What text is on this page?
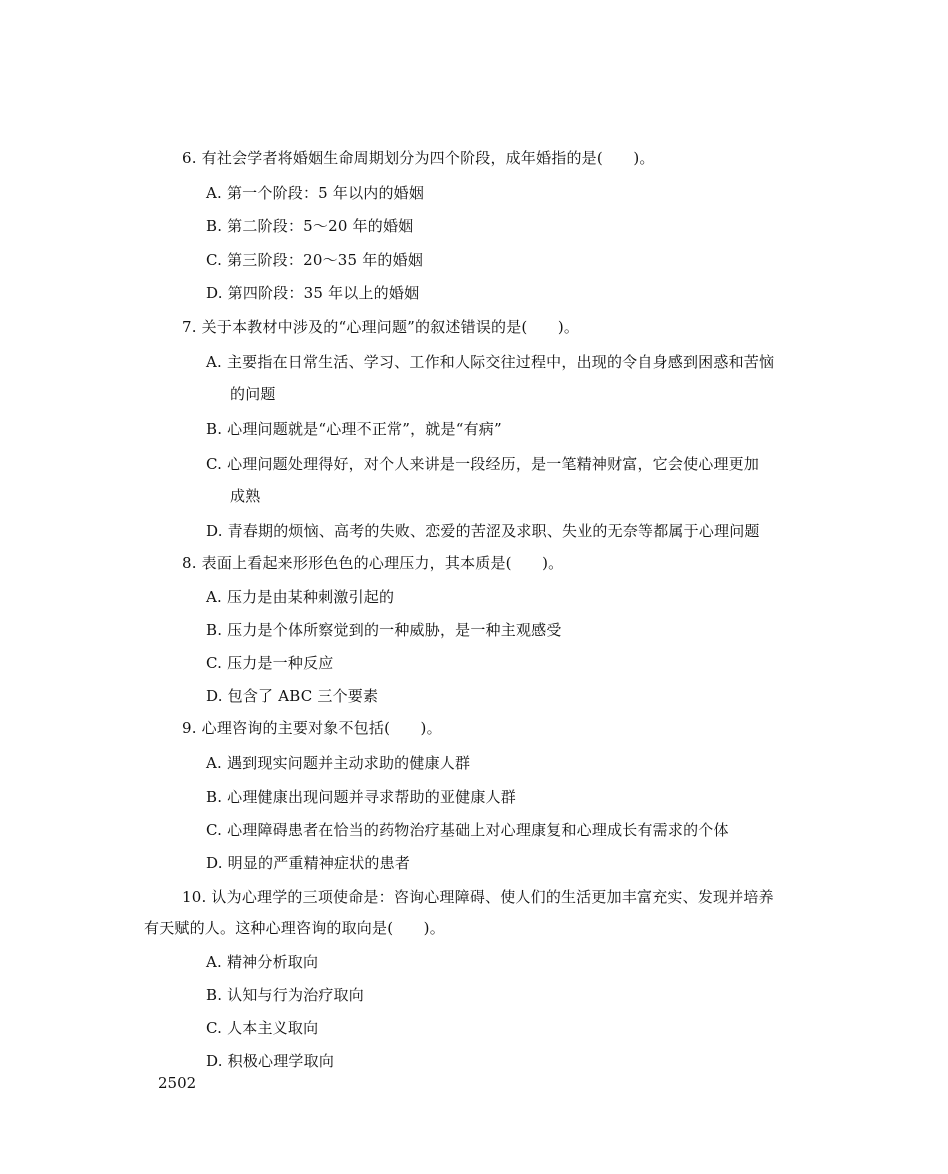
6. 有社会学者将婚姻生命周期划分为四个阶段，成年婚指的是(　　)。
A. 第一个阶段：5 年以内的婚姻
B. 第二阶段：5～20 年的婚姻
C. 第三阶段：20～35 年的婚姻
D. 第四阶段：35 年以上的婚姻
7. 关于本教材中涉及的“心理问题”的叙述错误的是(　　)。
A. 主要指在日常生活、学习、工作和人际交往过程中，出现的令自身感到困惑和苦恼
的问题
B. 心理问题就是“心理不正常”，就是“有病”
C. 心理问题处理得好，对个人来讲是一段经历，是一笔精神财富，它会使心理更加
成熟
D. 青春期的烦恼、高考的失败、恋爱的苦涩及求职、失业的无奈等都属于心理问题
8. 表面上看起来形形色色的心理压力，其本质是(　　)。
A. 压力是由某种刺激引起的
B. 压力是个体所察觉到的一种威胁，是一种主观感受
C. 压力是一种反应
D. 包含了 ABC 三个要素
9. 心理咨询的主要对象不包括(　　)。
A. 遇到现实问题并主动求助的健康人群
B. 心理健康出现问题并寻求帮助的亚健康人群
C. 心理障碍患者在恰当的药物治疗基础上对心理康复和心理成长有需求的个体
D. 明显的严重精神症状的患者
10. 认为心理学的三项使命是：咨询心理障碍、使人们的生活更加丰富充实、发现并培养
有天赋的人。这种心理咨询的取向是(　　)。
A. 精神分析取向
B. 认知与行为治疗取向
C. 人本主义取向
D. 积极心理学取向
2502
